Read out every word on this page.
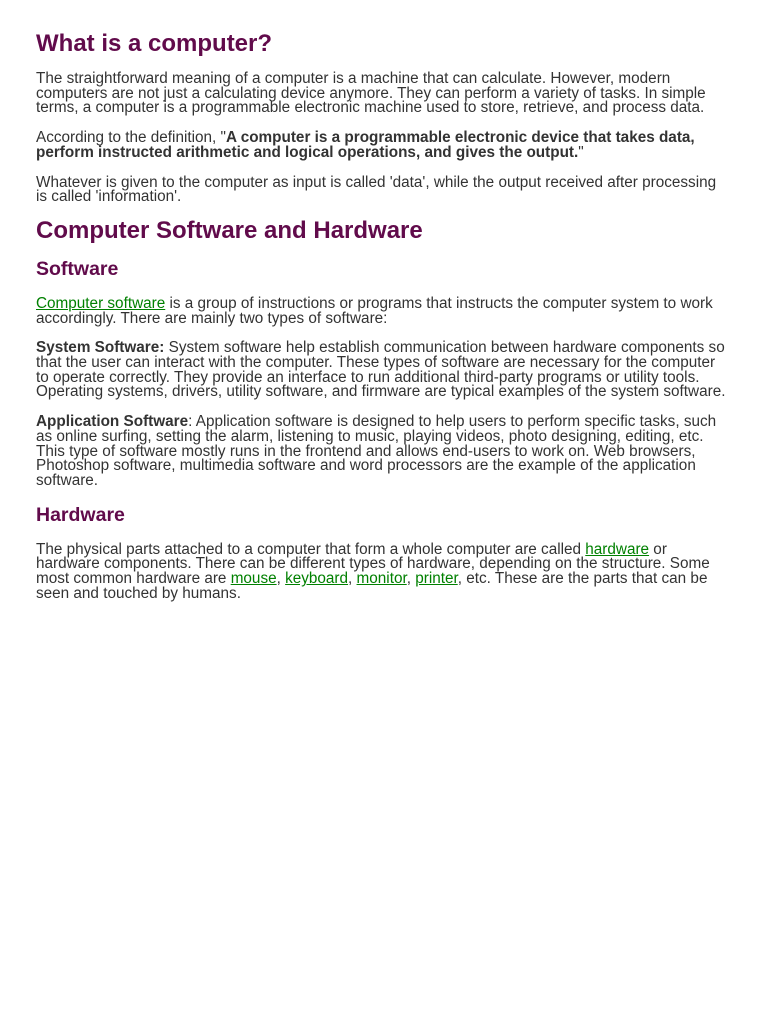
What is a computer?

The straightforward meaning of a computer is a machine that can calculate. However, modern computers are not just a calculating device anymore. They can perform a variety of tasks. In simple terms, a computer is a programmable electronic machine used to store, retrieve, and process data.

According to the definition, "A computer is a programmable electronic device that takes data, perform instructed arithmetic and logical operations, and gives the output."

Whatever is given to the computer as input is called 'data', while the output received after processing is called 'information'.

Computer Software and Hardware
Software

Computer software is a group of instructions or programs that instructs the computer system to work accordingly. There are mainly two types of software:

System Software: System software help establish communication between hardware components so that the user can interact with the computer. These types of software are necessary for the computer to operate correctly. They provide an interface to run additional third-party programs or utility tools. Operating systems, drivers, utility software, and firmware are typical examples of the system software.

Application Software: Application software is designed to help users to perform specific tasks, such as online surfing, setting the alarm, listening to music, playing videos, photo designing, editing, etc. This type of software mostly runs in the frontend and allows end-users to work on. Web browsers, Photoshop software, multimedia software and word processors are the example of the application software.

Hardware

The physical parts attached to a computer that form a whole computer are called hardware or hardware components. There can be different types of hardware, depending on the structure. Some most common hardware are mouse, keyboard, monitor, printer, etc. These are the parts that can be seen and touched by humans.
